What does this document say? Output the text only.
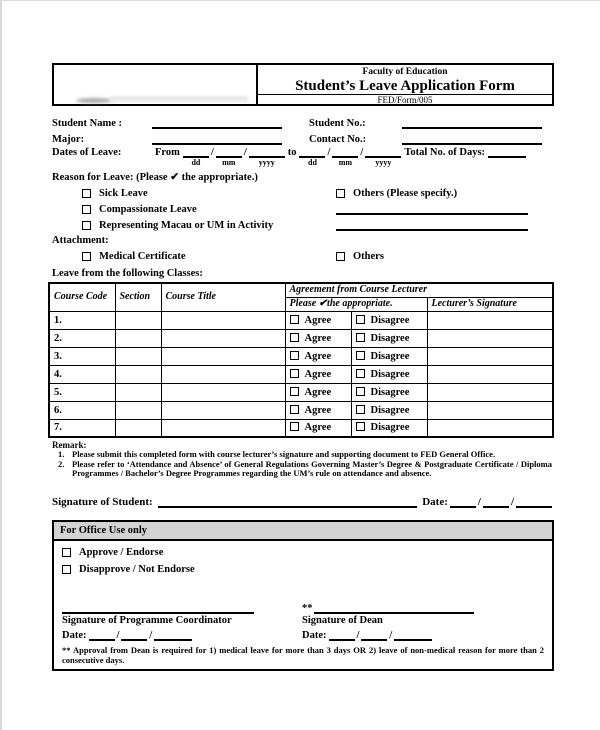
Faculty of Education
Student’s Leave Application Form
FED/Form/005
Student Name :	Student No.:
Major:	Contact No.:
Dates of Leave:	From
dd
/
mm
/
yyyy
to
dd
/
mm
/
yyyy
Total No. of Days:
Reason for Leave: (Please ✔ the appropriate.)
Sick Leave	Others (Please specify.)
Compassionate Leave
Representing Macau or UM in Activity
Attachment:
Medical Certificate	Others
Leave from the following Classes:
Course Code	Section	Course Title	Agreement from Course Lecturer		
			Please ✔the appropriate.		Lecturer’s Signature
1.			Agree	Disagree	
2.			Agree	Disagree	
3.			Agree	Disagree	
4.			Agree	Disagree	
5.			Agree	Disagree	
6.			Agree	Disagree	
7.			Agree	Disagree	
Remark:
1. Please submit this completed form with course lecturer’s signature and supporting document to FED General Office.
2. Please refer to ‘Attendance and Absence’ of General Regulations Governing Master’s Degree & Postgraduate Certificate / Diploma Programmes / Bachelor’s Degree Programmes regarding the UM’s rule on attendance and absence.
Signature of Student:	Date:	/	/
For Office Use only
Approve / Endorse
Disapprove / Not Endorse
Signature of Programme Coordinator
Date:	/	/
**
Signature of Dean
Date:	/	/
** Approval from Dean is required for 1) medical leave for more than 3 days OR 2) leave of non-medical reason for more than 2 consecutive days.
